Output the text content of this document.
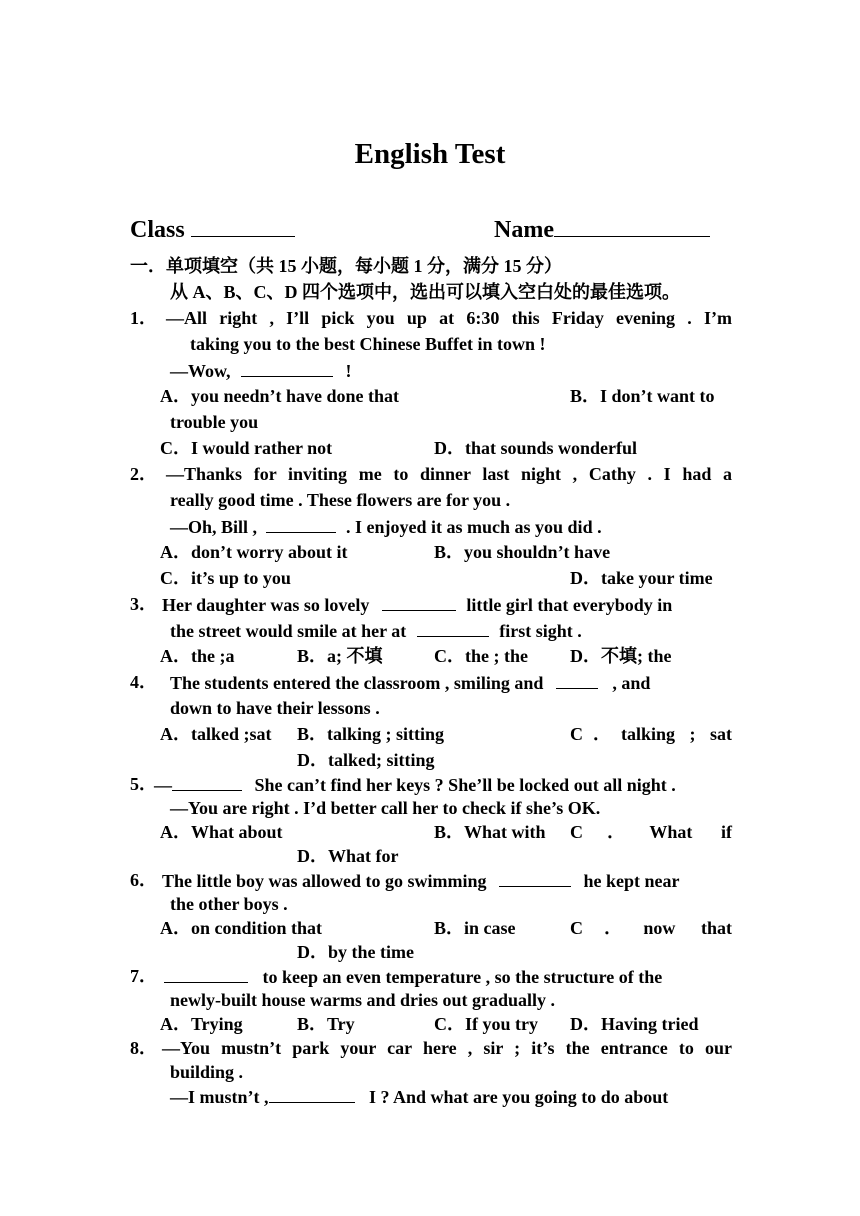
English Test
Class	Name
一．单项填空（共 15 小题，每小题 1 分，满分 15 分）
从 A、B、C、D 四个选项中，选出可以填入空白处的最佳选项。
1． —All right , I’ll pick you up at 6:30 this Friday evening . I’m
taking you to the best Chinese Buffet in town !
—Wow,	!
A．you needn’t have done that	B．I don’t want to
trouble you
C．I would rather not	D．that sounds wonderful
2． —Thanks for inviting me to dinner last night , Cathy . I had a
really good time . These flowers are for you .
—Oh, Bill ,	. I enjoyed it as much as you did .
A．don’t worry about it	B．you shouldn’t have
C．it’s up to you	D．take your time
3． Her daughter was so lovely	little girl that everybody in
the street would smile at her at	first sight .
A．the ;a	B．a; 不填	C．the ; the D．不填; the
4． The students entered the classroom , smiling and	, and
down to have their lessons .
A．talked ;sat B．talking ; sitting	C．talking ; sat
D．talked; sitting
5．
—	She can’t find her keys ? She’ll be locked out all night .
—You are right . I’d better call her to check if she’s OK.
A．What about	B．What with C．What if
D．What for
6． The little boy was allowed to go swimming	he kept near
the other boys .
A．on condition that	B．in case	C．now that
D．by the time
7．	to keep an even temperature , so the structure of the
newly-built house warms and dries out gradually .
A．Trying	B．Try	C．If you try D．Having tried
8． —You mustn’t park your car here , sir ; it’s the entrance to our
building .
—I mustn’t ,	I ? And what are you going to do about
